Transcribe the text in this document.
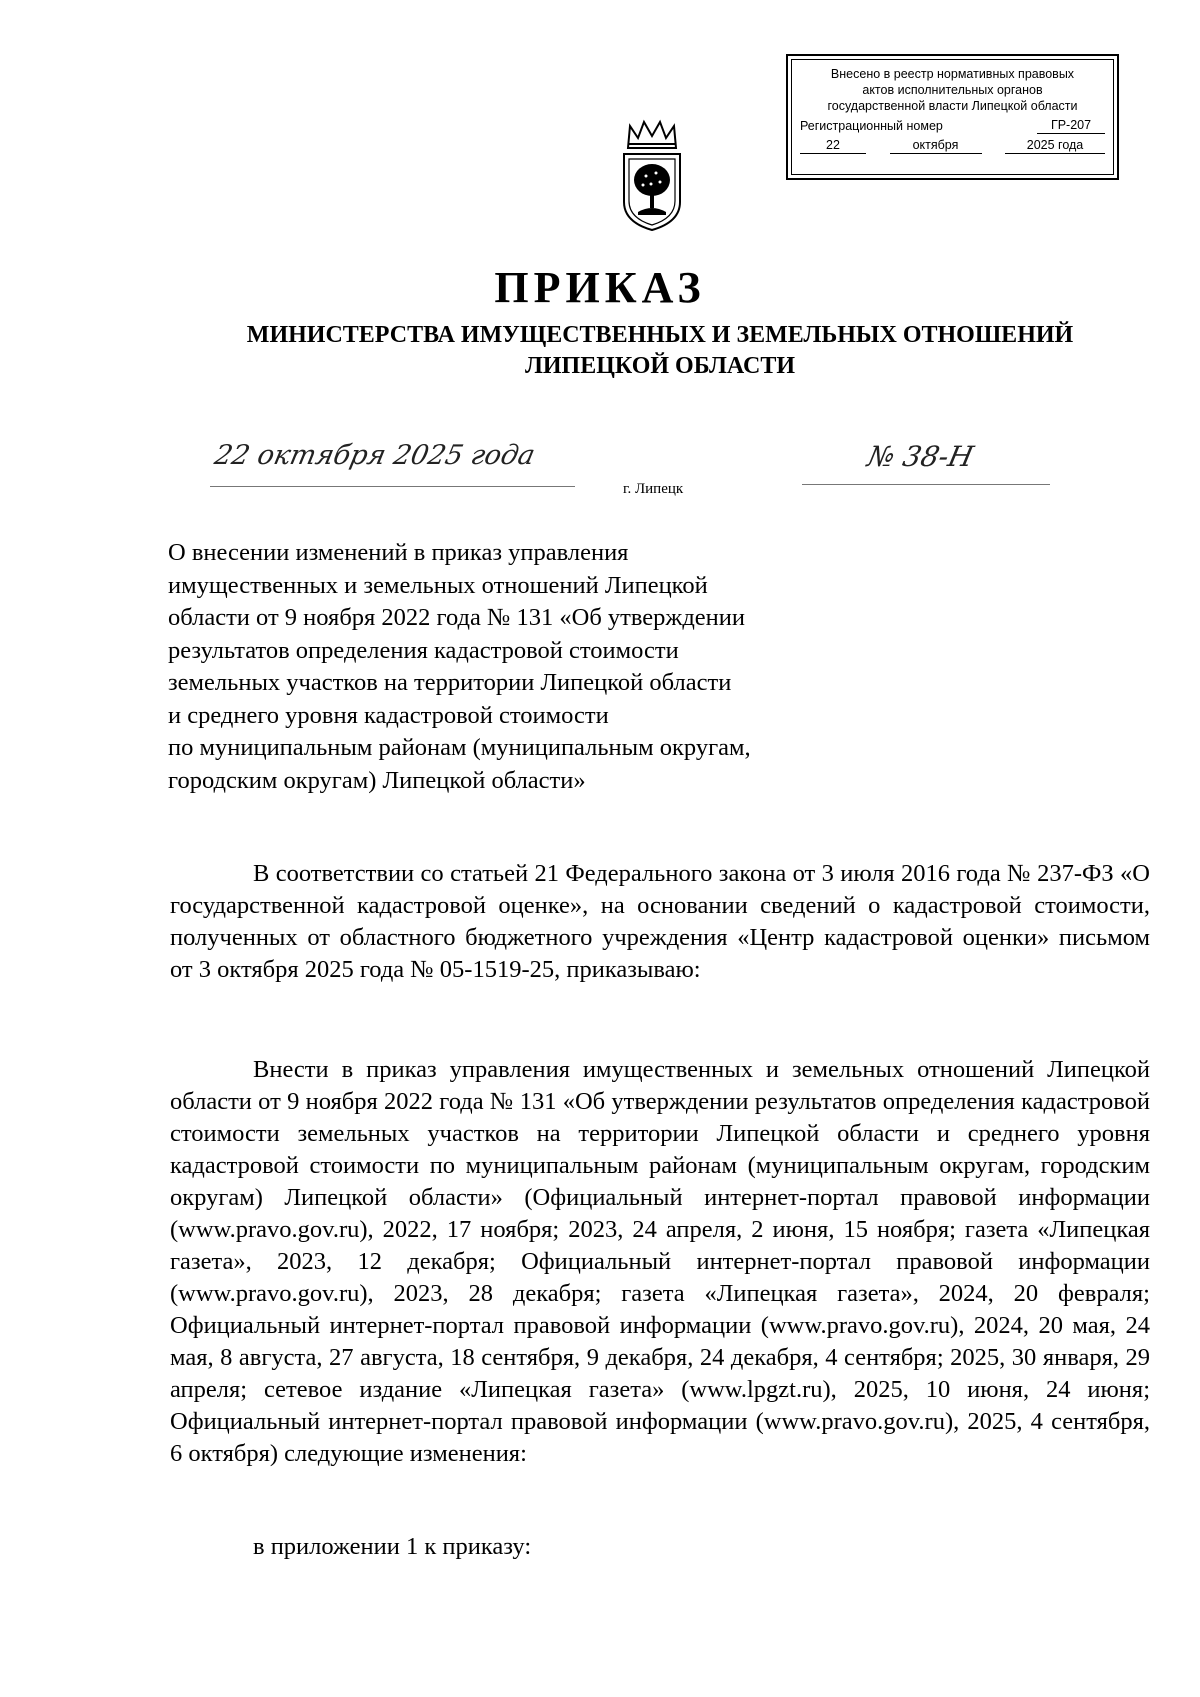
Внесено в реестр нормативных правовых
актов исполнительных органов
государственной власти Липецкой области
Регистрационный номер	ГР-207
22	октября	2025 года
ПРИКАЗ
МИНИСТЕРСТВА ИМУЩЕСТВЕННЫХ И ЗЕМЕЛЬНЫХ ОТНОШЕНИЙ
ЛИПЕЦКОЙ ОБЛАСТИ
22 октября 2025 года
г. Липецк
№ 38-Н
О внесении изменений в приказ управления
имущественных и земельных отношений Липецкой
области от 9 ноября 2022 года № 131 «Об утверждении
результатов определения кадастровой стоимости
земельных участков на территории Липецкой области
и среднего уровня кадастровой стоимости
по муниципальным районам (муниципальным округам,
городским округам) Липецкой области»

В соответствии со статьей 21 Федерального закона от 3 июля 2016 года № 237-ФЗ «О государственной кадастровой оценке», на основании сведений о кадастровой стоимости, полученных от областного бюджетного учреждения «Центр кадастровой оценки» письмом от 3 октября 2025 года № 05-1519-25, приказываю:

Внести в приказ управления имущественных и земельных отношений Липецкой области от 9 ноября 2022 года № 131 «Об утверждении результатов определения кадастровой стоимости земельных участков на территории Липецкой области и среднего уровня кадастровой стоимости по муниципальным районам (муниципальным округам, городским округам) Липецкой области» (Официальный интернет-портал правовой информации (www.pravo.gov.ru), 2022, 17 ноября; 2023, 24 апреля, 2 июня, 15 ноября; газета «Липецкая газета», 2023, 12 декабря; Официальный интернет-портал правовой информации (www.pravo.gov.ru), 2023, 28 декабря; газета «Липецкая газета», 2024, 20 февраля; Официальный интернет-портал правовой информации (www.pravo.gov.ru), 2024, 20 мая, 24 мая, 8 августа, 27 августа, 18 сентября, 9 декабря, 24 декабря, 4 сентября; 2025, 30 января, 29 апреля; сетевое издание «Липецкая газета» (www.lpgzt.ru), 2025, 10 июня, 24 июня; Официальный интернет-портал правовой информации (www.pravo.gov.ru), 2025, 4 сентября, 6 октября) следующие изменения:

в приложении 1 к приказу:
